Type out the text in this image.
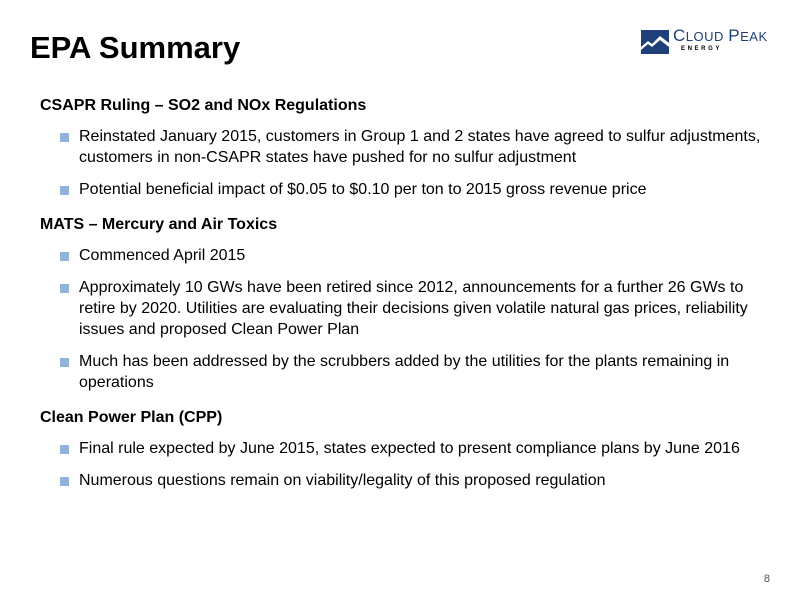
EPA Summary	CLOUD PEAK
ENERGY
CSAPR Ruling – SO2 and NOx Regulations
Reinstated January 2015, customers in Group 1 and 2 states have agreed to sulfur adjustments, customers in non-CSAPR states have pushed for no sulfur adjustment
Potential beneficial impact of $0.05 to $0.10 per ton to 2015 gross revenue price
MATS – Mercury and Air Toxics
Commenced April 2015
Approximately 10 GWs have been retired since 2012, announcements for a further 26 GWs to retire by 2020. Utilities are evaluating their decisions given volatile natural gas prices, reliability issues and proposed Clean Power Plan
Much has been addressed by the scrubbers added by the utilities for the plants remaining in operations
Clean Power Plan (CPP)
Final rule expected by June 2015, states expected to present compliance plans by June 2016
Numerous questions remain on viability/legality of this proposed regulation
8
